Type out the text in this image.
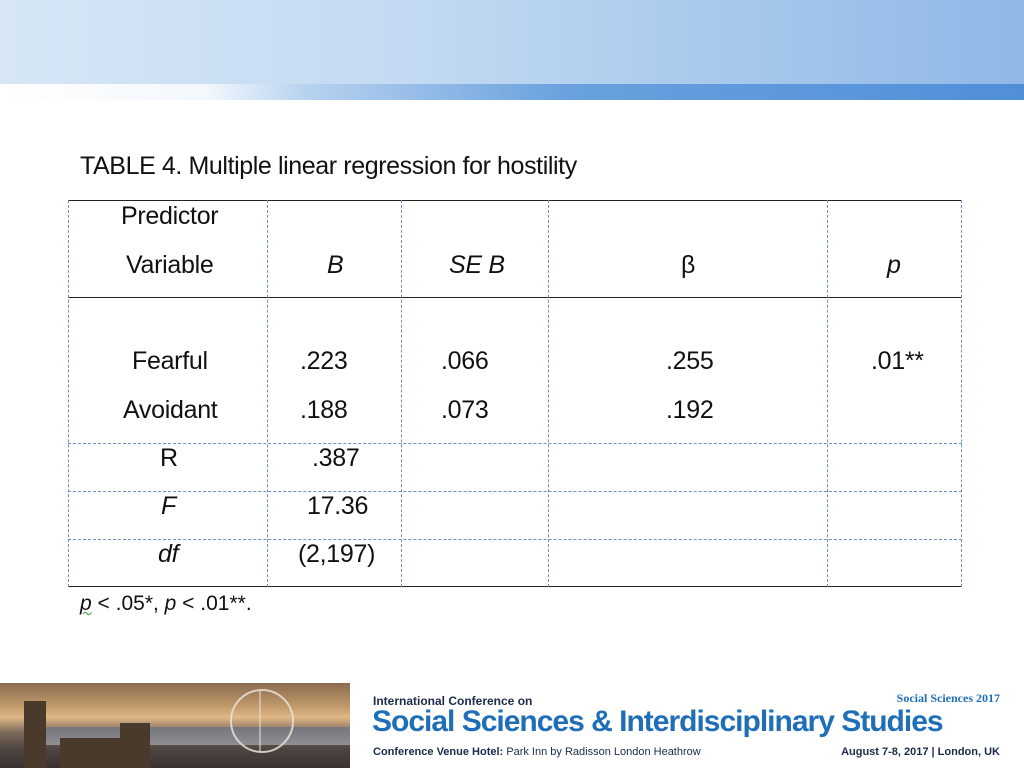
TABLE 4. Multiple linear regression for hostility
Predictor
Variable	B	SE B	β	p
Fearful	.223	.066	.255	.01**
Avoidant	.188	.073	.192
R	.387
F	17.36
df	(2,197)
p < .05*, p < .01**.
International Conference on
Social Sciences & Interdisciplinary Studies
Conference Venue Hotel: Park Inn by Radisson London Heathrow
Social Sciences 2017
August 7-8, 2017 | London, UK
